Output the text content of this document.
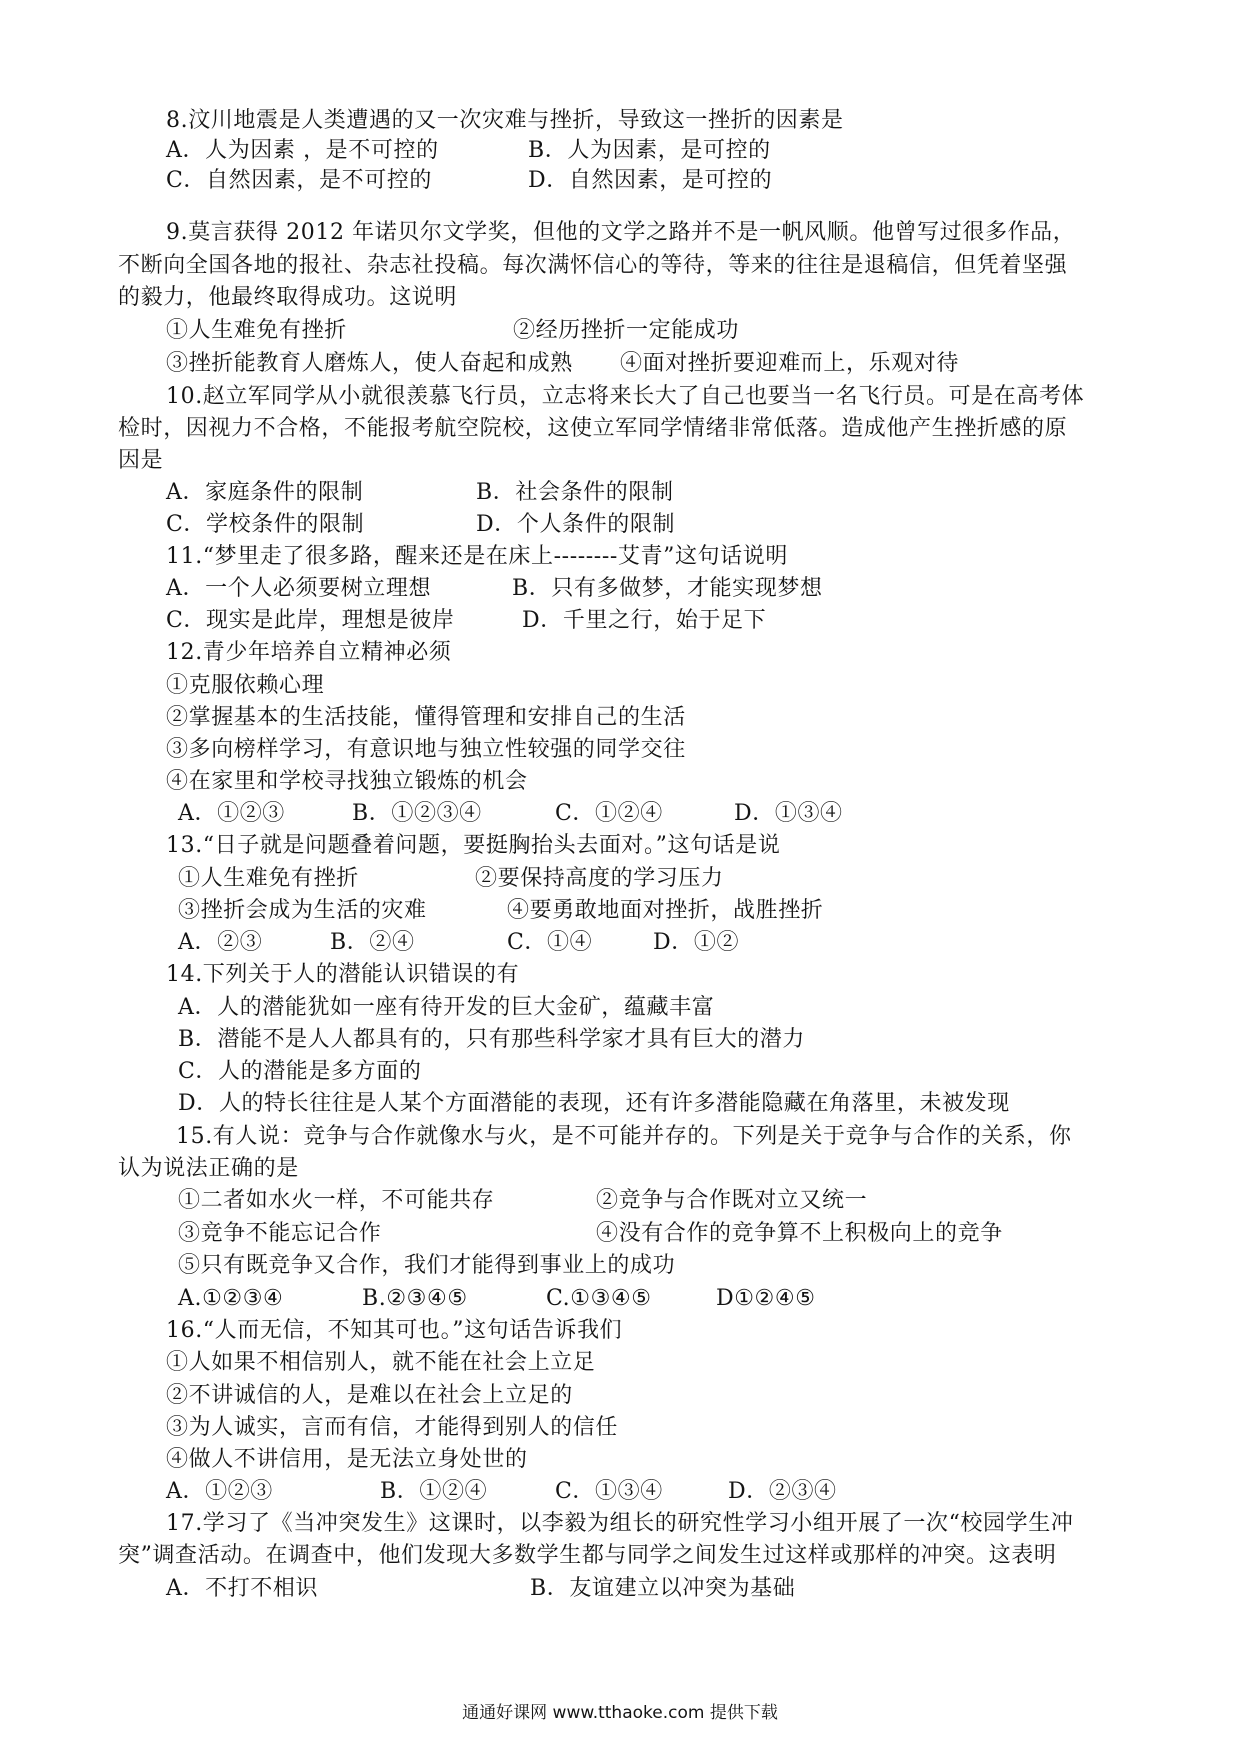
8.汶川地震是人类遭遇的又一次灾难与挫折，导致这一挫折的因素是
A．人为因素 ，是不可控的	B．人为因素，是可控的
C．自然因素，是不可控的	D．自然因素，是可控的
9.莫言获得 2012 年诺贝尔文学奖，但他的文学之路并不是一帆风顺。他曾写过很多作品，
不断向全国各地的报社、杂志社投稿。每次满怀信心的等待，等来的往往是退稿信，但凭着坚强
的毅力，他最终取得成功。这说明
①人生难免有挫折	②经历挫折一定能成功
③挫折能教育人磨炼人，使人奋起和成熟 ④面对挫折要迎难而上，乐观对待
10.赵立军同学从小就很羡慕飞行员，立志将来长大了自己也要当一名飞行员。可是在高考体
检时，因视力不合格，不能报考航空院校，这使立军同学情绪非常低落。造成他产生挫折感的原
因是
A．家庭条件的限制	B．社会条件的限制
C．学校条件的限制	D．个人条件的限制
11.“梦里走了很多路，醒来还是在床上--------艾青”这句话说明
A．一个人必须要树立理想	B．只有多做梦，才能实现梦想
C．现实是此岸，理想是彼岸	D．千里之行，始于足下
12.青少年培养自立精神必须
①克服依赖心理
②掌握基本的生活技能，懂得管理和安排自己的生活
③多向榜样学习，有意识地与独立性较强的同学交往
④在家里和学校寻找独立锻炼的机会
A．①②③	B．①②③④	C．①②④	D．①③④
13.“日子就是问题叠着问题，要挺胸抬头去面对。”这句话是说
①人生难免有挫折	②要保持高度的学习压力
③挫折会成为生活的灾难	④要勇敢地面对挫折，战胜挫折
A．②③	B．②④	C．①④	D．①②
14.下列关于人的潜能认识错误的有
A．人的潜能犹如一座有待开发的巨大金矿，蕴藏丰富
B．潜能不是人人都具有的，只有那些科学家才具有巨大的潜力
C．人的潜能是多方面的
D．人的特长往往是人某个方面潜能的表现，还有许多潜能隐藏在角落里，未被发现
15.有人说：竞争与合作就像水与火，是不可能并存的。下列是关于竞争与合作的关系，你
认为说法正确的是
①二者如水火一样，不可能共存	②竞争与合作既对立又统一
③竞争不能忘记合作	④没有合作的竞争算不上积极向上的竞争
⑤只有既竞争又合作，我们才能得到事业上的成功
A.①②③④	B.②③④⑤	C.①③④⑤	D①②④⑤
16.“人而无信，不知其可也。”这句话告诉我们
①人如果不相信别人，就不能在社会上立足
②不讲诚信的人，是难以在社会上立足的
③为人诚实，言而有信，才能得到别人的信任
④做人不讲信用，是无法立身处世的
A．①②③	B．①②④	C．①③④	D．②③④
17.学习了《当冲突发生》这课时，以李毅为组长的研究性学习小组开展了一次“校园学生冲
突”调查活动。在调查中，他们发现大多数学生都与同学之间发生过这样或那样的冲突。这表明
A．不打不相识	B．友谊建立以冲突为基础
通通好课网 www.tthaoke.com 提供下载
